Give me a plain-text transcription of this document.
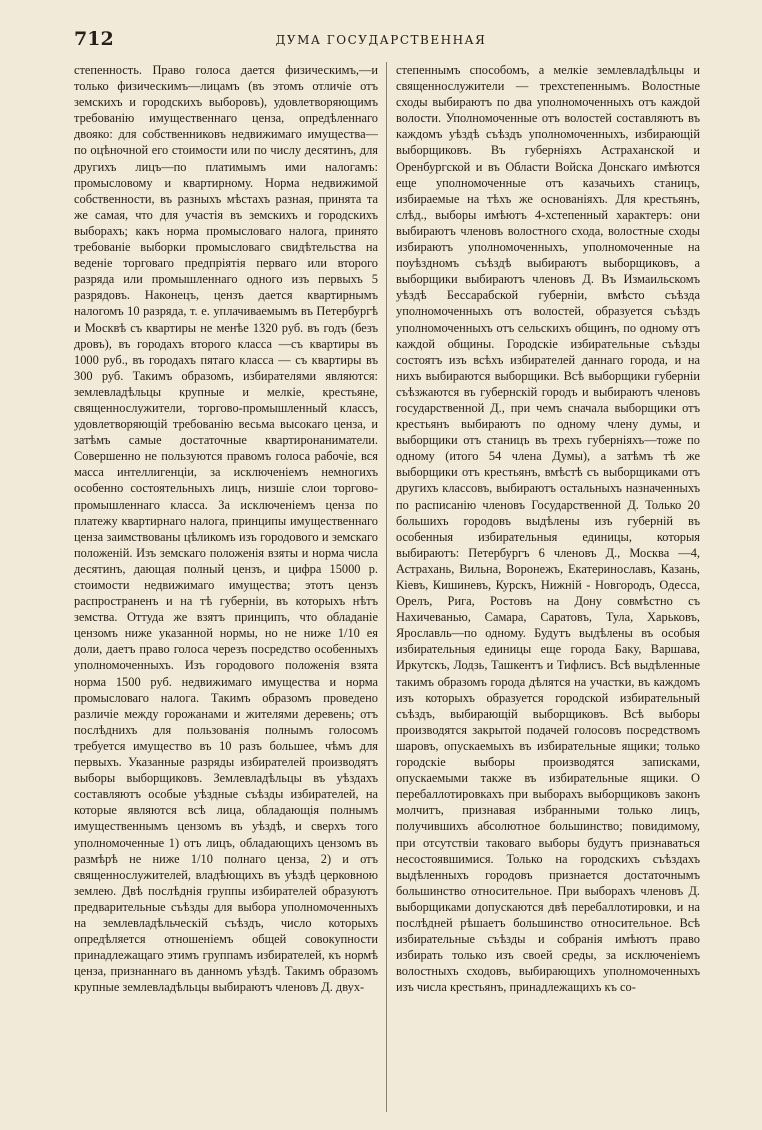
712	ДУМА ГОСУДАРСТВЕННАЯ

степенность. Право голоса дается физическимъ,—и только физическимъ—лицамъ (въ этомъ отличіе отъ земскихъ и городскихъ выборовъ), удовлетворяющимъ требованію имущественнаго ценза, опредѣленнаго двояко: для собственниковъ недвижимаго имущества—по оцѣночной его стоимости или по числу десятинъ, для другихъ лицъ—по платимымъ ими налогамъ: промысловому и квартирному. Норма недвижимой собственности, въ разныхъ мѣстахъ разная, принята та же самая, что для участія въ земскихъ и городскихъ выборахъ; какъ норма промысловаго налога, принято требованіе выборки промысловаго свидѣтельства на веденіе торговаго предпріятія перваго или второго разряда или промышленнаго одного изъ первыхъ 5 разрядовъ. Наконецъ, цензъ дается квартирнымъ налогомъ 10 разряда, т. е. уплачиваемымъ въ Петербургѣ и Москвѣ съ квартиры не менѣе 1320 руб. въ годъ (безъ дровъ), въ городахъ второго класса —съ квартиры въ 1000 руб., въ городахъ пятаго класса — съ квартиры въ 300 руб. Такимъ образомъ, избирателями являются: землевладѣльцы крупные и мелкіе, крестьяне, священнослужители, торгово-промышленный классъ, удовлетворяющій требованію весьма высокаго ценза, и затѣмъ самые достаточные квартиронаниматели. Совершенно не пользуются правомъ голоса рабочіе, вся масса интеллигенціи, за исключеніемъ немногихъ особенно состоятельныхъ лицъ, низшіе слои торгово-промышленнаго класса. За исключеніемъ ценза по платежу квартирнаго налога, принципы имущественнаго ценза заимствованы цѣликомъ изъ городового и земскаго положеній. Изъ земскаго положенія взяты и норма числа десятинъ, дающая полный цензъ, и цифра 15000 р. стоимости недвижимаго имущества; этотъ цензъ распространенъ и на тѣ губерніи, въ которыхъ нѣтъ земства. Оттуда же взятъ принципъ, что обладаніе цензомъ ниже указанной нормы, но не ниже 1/10 ея доли, даетъ право голоса черезъ посредство особенныхъ уполномоченныхъ. Изъ городового положенія взята норма 1500 руб. недвижимаго имущества и норма промысловаго налога. Такимъ образомъ проведено различіе между горожанами и жителями деревень; отъ послѣднихъ для пользованія полнымъ голосомъ требуется имущество въ 10 разъ большее, чѣмъ для первыхъ. Указанные разряды избирателей производятъ выборы выборщиковъ. Землевладѣльцы въ уѣздахъ составляютъ особые уѣздные съѣзды избирателей, на которые являются всѣ лица, обладающія полнымъ имущественнымъ цензомъ въ уѣздѣ, и сверхъ того уполномоченные 1) отъ лицъ, обладающихъ цензомъ въ размѣрѣ не ниже 1/10 полнаго ценза, 2) и отъ священнослужителей, владѣющихъ въ уѣздѣ церковною землею. Двѣ послѣднія группы избирателей образуютъ предварительные съѣзды для выбора уполномоченныхъ на землевладѣльческій съѣздъ, число которыхъ опредѣляется отношеніемъ общей совокупности принадлежащаго этимъ группамъ избирателей, къ нормѣ ценза, признаннаго въ данномъ уѣздѣ. Такимъ образомъ крупные землевладѣльцы выбираютъ членовъ Д. двух-

степеннымъ способомъ, а мелкіе землевладѣльцы и священнослужители — трехстепеннымъ. Волостные сходы выбираютъ по два уполномоченныхъ отъ каждой волости. Уполномоченные отъ волостей составляютъ въ каждомъ уѣздѣ съѣздъ уполномоченныхъ, избирающій выборщиковъ. Въ губерніяхъ Астраханской и Оренбургской и въ Области Войска Донскаго имѣются еще уполномоченные отъ казачьихъ станицъ, избираемые на тѣхъ же основаніяхъ. Для крестьянъ, слѣд., выборы имѣютъ 4-хстепенный характеръ: они выбираютъ членовъ волостного схода, волостные сходы избираютъ уполномоченныхъ, уполномоченные на поуѣздномъ съѣздѣ выбираютъ выборщиковъ, а выборщики выбираютъ членовъ Д. Въ Измаильскомъ уѣздѣ Бессарабской губерніи, вмѣсто съѣзда уполномоченныхъ отъ волостей, образуется съѣздъ уполномоченныхъ отъ сельскихъ общинъ, по одному отъ каждой общины. Городскіе избирательные съѣзды состоятъ изъ всѣхъ избирателей даннаго города, и на нихъ выбираются выборщики. Всѣ выборщики губерніи съѣзжаются въ губернскій городъ и выбираютъ членовъ государственной Д., при чемъ сначала выборщики отъ крестьянъ выбираютъ по одному члену думы, и выборщики отъ станицъ въ трехъ губерніяхъ—тоже по одному (итого 54 члена Думы), а затѣмъ тѣ же выборщики отъ крестьянъ, вмѣстѣ съ выборщиками отъ другихъ классовъ, выбираютъ остальныхъ назначенныхъ по расписанію членовъ Государственной Д. Только 20 большихъ городовъ выдѣлены изъ губерній въ особенныя избирательныя единицы, которыя выбираютъ: Петербургъ 6 членовъ Д., Москва —4, Астрахань, Вильна, Воронежъ, Екатеринославъ, Казань, Кіевъ, Кишиневъ, Курскъ, Нижній - Новгородъ, Одесса, Орелъ, Рига, Ростовъ на Дону совмѣстно съ Нахичеванью, Самара, Саратовъ, Тула, Харьковъ, Ярославль—по одному. Будутъ выдѣлены въ особыя избирательныя единицы еще города Баку, Варшава, Иркутскъ, Лодзь, Ташкентъ и Тифлисъ. Всѣ выдѣленные такимъ образомъ города дѣлятся на участки, въ каждомъ изъ которыхъ образуется городской избирательный съѣздъ, выбирающій выборщиковъ. Всѣ выборы производятся закрытой подачей голосовъ посредствомъ шаровъ, опускаемыхъ въ избирательные ящики; только городскіе выборы производятся записками, опускаемыми также въ избирательные ящики. О перебаллотировкахъ при выборахъ выборщиковъ законъ молчитъ, признавая избранными только лицъ, получившихъ абсолютное большинство; повидимому, при отсутствіи таковаго выборы будутъ признаваться несостоявшимися. Только на городскихъ съѣздахъ выдѣленныхъ городовъ признается достаточнымъ большинство относительное. При выборахъ членовъ Д. выборщиками допускаются двѣ перебаллотировки, и на послѣдней рѣшаетъ большинство относительное. Всѣ избирательные съѣзды и собранія имѣютъ право избирать только изъ своей среды, за исключеніемъ волостныхъ сходовъ, выбирающихъ уполномоченныхъ изъ числа крестьянъ, принадлежащихъ къ со-
